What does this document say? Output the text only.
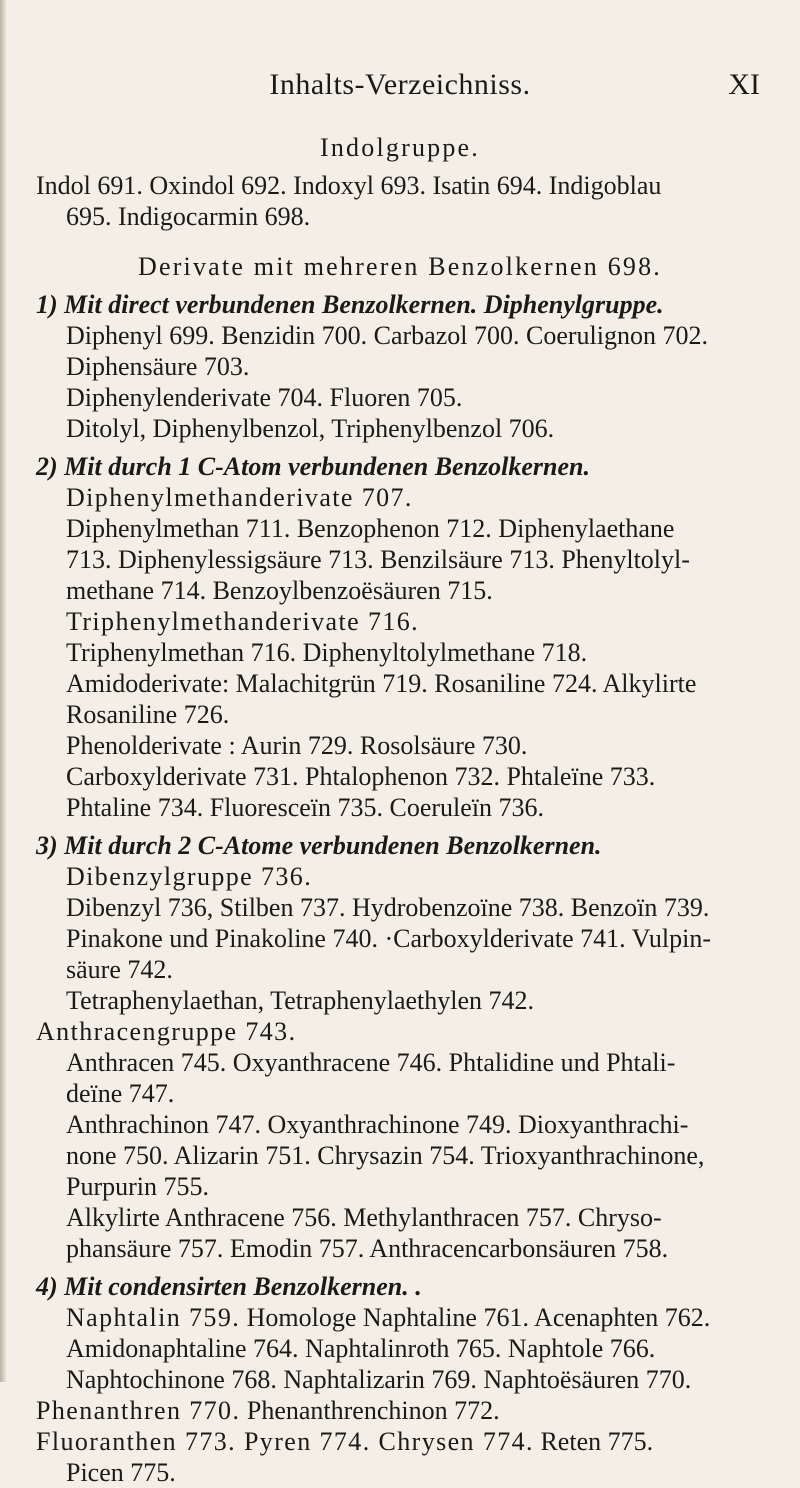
Inhalts-Verzeichniss.	XI
Indolgruppe.
Indol 691. Oxindol 692. Indoxyl 693. Isatin 694. Indigoblau
695. Indigocarmin 698.
Derivate mit mehreren Benzolkernen 698.
1) Mit direct verbundenen Benzolkernen. Diphenylgruppe.
Diphenyl 699. Benzidin 700. Carbazol 700. Coerulignon 702.
Diphensäure 703.
Diphenylenderivate 704. Fluoren 705.
Ditolyl, Diphenylbenzol, Triphenylbenzol 706.
2) Mit durch 1 C-Atom verbundenen Benzolkernen.
Diphenylmethanderivate 707.
Diphenylmethan 711. Benzophenon 712. Diphenylaethane
713. Diphenylessigsäure 713. Benzilsäure 713. Phenyltolyl-
methane 714. Benzoylbenzoësäuren 715.
Triphenylmethanderivate 716.
Triphenylmethan 716. Diphenyltolylmethane 718.
Amidoderivate: Malachitgrün 719. Rosaniline 724. Alkylirte
Rosaniline 726.
Phenolderivate : Aurin 729. Rosolsäure 730.
Carboxylderivate 731. Phtalophenon 732. Phtaleïne 733.
Phtaline 734. Fluoresceïn 735. Coeruleïn 736.
3) Mit durch 2 C-Atome verbundenen Benzolkernen.
Dibenzylgruppe 736.
Dibenzyl 736, Stilben 737. Hydrobenzoïne 738. Benzoïn 739.
Pinakone und Pinakoline 740. ·Carboxylderivate 741. Vulpin-
säure 742.
Tetraphenylaethan, Tetraphenylaethylen 742.
Anthracengruppe 743.
Anthracen 745. Oxyanthracene 746. Phtalidine und Phtali-
deïne 747.
Anthrachinon 747. Oxyanthrachinone 749. Dioxyanthrachi-
none 750. Alizarin 751. Chrysazin 754. Trioxyanthrachinone,
Purpurin 755.
Alkylirte Anthracene 756. Methylanthracen 757. Chryso-
phansäure 757. Emodin 757. Anthracencarbonsäuren 758.
4) Mit condensirten Benzolkernen. .
Naphtalin 759. Homologe Naphtaline 761. Acenaphten 762.
Amidonaphtaline 764. Naphtalinroth 765. Naphtole 766.
Naphtochinone 768. Naphtalizarin 769. Naphtoësäuren 770.
Phenanthren 770. Phenanthrenchinon 772.
Fluoranthen 773. Pyren 774. Chrysen 774. Reten 775.
Picen 775.
